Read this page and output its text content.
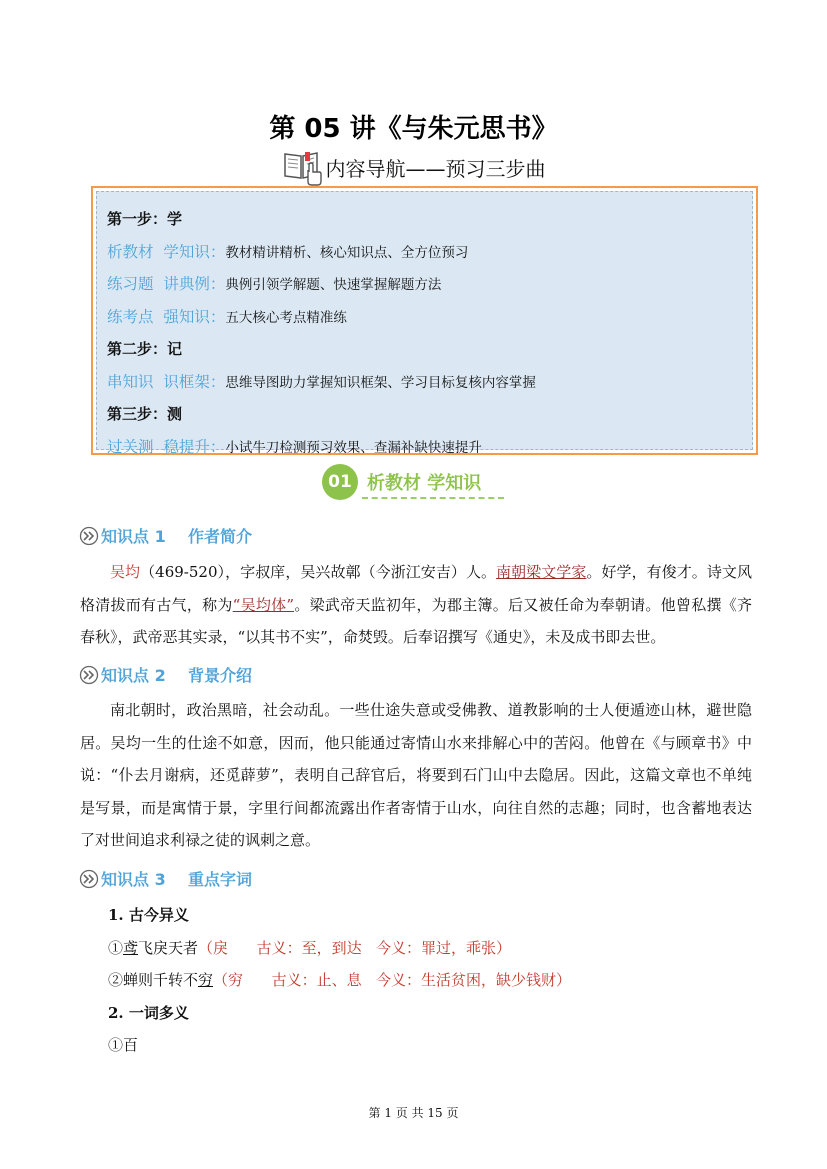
第 05 讲《与朱元思书》
内容导航——预习三步曲
第一步：学
析教材  学知识： 教材精讲精析、核心知识点、全方位预习
练习题  讲典例： 典例引领学解题、快速掌握解题方法
练考点  强知识： 五大核心考点精准练
第二步：记
串知识  识框架： 思维导图助力掌握知识框架、学习目标复核内容掌握
第三步：测
过关测  稳提升： 小试牛刀检测预习效果、查漏补缺快速提升
01 析教材 学知识
知识点 1    作者简介
吴均（469-520），字叔庠，吴兴故鄣（今浙江安吉）人。南朝梁文学家。好学，有俊才。诗文风格清拔而有古气，称为“吴均体”。梁武帝天监初年，为郡主簿。后又被任命为奉朝请。他曾私撰《齐春秋》，武帝恶其实录，“以其书不实”，命焚毁。后奉诏撰写《通史》，未及成书即去世。
知识点 2    背景介绍
南北朝时，政治黑暗，社会动乱。一些仕途失意或受佛教、道教影响的士人便遁迹山林，避世隐居。吴均一生的仕途不如意，因而，他只能通过寄情山水来排解心中的苦闷。他曾在《与顾章书》中说：“仆去月谢病，还觅薜萝”，表明自己辞官后，将要到石门山中去隐居。因此，这篇文章也不单纯是写景，而是寓情于景，字里行间都流露出作者寄情于山水，向往自然的志趣；同时，也含蓄地表达了对世间追求利禄之徒的讽刺之意。
知识点 3    重点字词
1. 古今异义
①鸢飞戾天者（戾      古义：至，到达   今义：罪过，乖张）
②蝉则千转不穷（穷      古义：止、息   今义：生活贫困，缺少钱财）
2. 一词多义
①百
第 1 页 共 15 页
